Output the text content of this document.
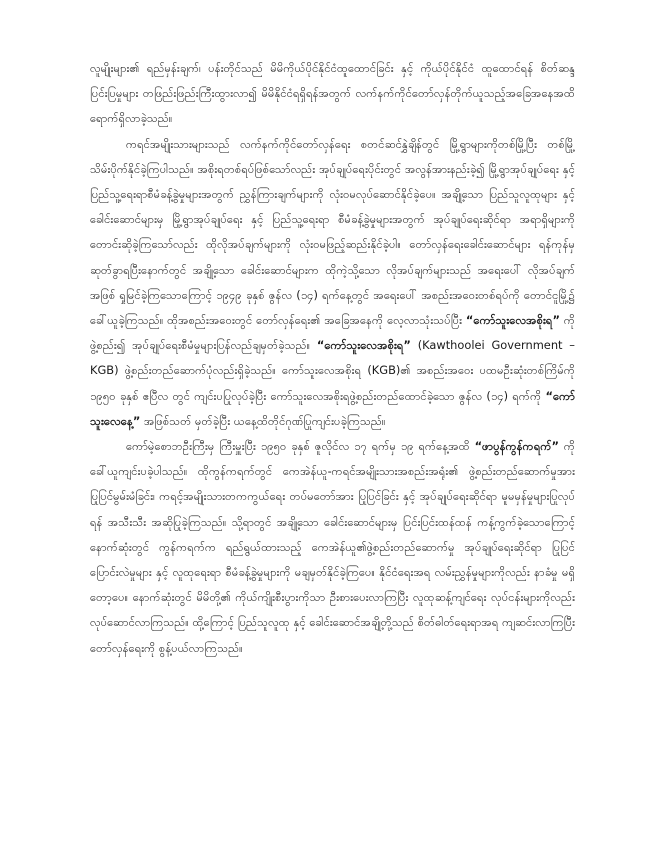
လူမျိုးများ၏ ရည်မှန်းချက်၊ ပန်းတိုင်သည် မိမိကိုယ်ပိုင်နိုင်ငံထူထောင်ခြင်း နှင့် ကိုယ်ပိုင်နိုင်ငံ ထူထောင်ရန် စိတ်ဆန္ဒ ပြင်းပြမှုများ တဖြည်းဖြည်းကြီးထွားလာ၍ မိမိနိုင်ငံရရှိရန်အတွက် လက်နက်ကိုင်တော်လှန်တိုက်ယူသည့်အခြေအနေအထိ ရောက်ရှိလာခဲ့သည်။

ကရင်အမျိုးသားများသည် လက်နက်ကိုင်တော်လှန်ရေး စတင်ဆင်နွှဲချိန်တွင် မြို့ရွာများကိုတစ်မြို့ပြီး တစ်မြို့ သိမ်းပိုက်နိုင်ခဲ့ကြပါသည်။ အစိုးရတစ်ရပ်ဖြစ်သော်လည်း အုပ်ချုပ်ရေးပိုင်းတွင် အလွန်အားနည်းခဲ့၍ မြို့ရွာအုပ်ချုပ်ရေး နှင့် ပြည်သူ့ရေးရာစီမံခန့်ခွဲမှုများအတွက် ညွှန်ကြားချက်များကို လုံးဝမလုပ်ဆောင်နိုင်ခဲ့ပေ။ အချို့သော ပြည်သူလူထုများ နှင့် ခေါင်းဆောင်များမှ မြို့ရွာအုပ်ချုပ်ရေး နှင့် ပြည်သူ့ရေးရာ စီမံခန့်ခွဲမှုများအတွက် အုပ်ချုပ်ရေးဆိုင်ရာ အရာရှိများကို တောင်းဆိုခဲ့ကြသော်လည်း ထိုလိုအပ်ချက်များကို လုံးဝမဖြည့်ဆည်းနိုင်ခဲ့ပါ။ တော်လှန်ရေးခေါင်းဆောင်များ ရန်ကုန်မှ ဆုတ်ခွာရပြီးနောက်တွင် အချို့သော ခေါင်းဆောင်များက ထိုကဲ့သို့သော လိုအပ်ချက်များသည် အရေးပေါ် လိုအပ်ချက်အဖြစ် ရှုမြင်ခဲ့ကြသောကြောင့် ၁၉၄၉ ခုနှစ် ဇွန်လ (၁၄) ရက်နေ့တွင် အရေးပေါ် အစည်းအဝေးတစ်ရပ်ကို တောင်ငူမြို့၌ ခေါ်ယူခဲ့ကြသည်။ ထိုအစည်းအဝေးတွင် တော်လှန်ရေး၏ အခြေအနေကို လေ့လာသုံးသပ်ပြီး “ကော်သူးလေအစိုးရ” ကို ဖွဲ့စည်း၍ အုပ်ချုပ်ရေးစီမံမှုများပြန်လည်ချမှတ်ခဲ့သည်။ “ကော်သူးလေအစိုးရ” (Kawthoolei Government – KGB) ဖွဲ့စည်းတည်ဆောက်ပုံလည်းရှိခဲ့သည်။ ကော်သူးလေအစိုးရ (KGB)၏ အစည်းအဝေး ပထမဦးဆုံးတစ်ကြိမ်ကို ၁၉၅၀ ခုနှစ် ဧပြီလ တွင် ကျင်းပပြုလုပ်ခဲ့ပြီး ကော်သူးလေအစိုးရဖွဲ့စည်းတည်ထောင်ခဲ့သော ဇွန်လ (၁၄) ရက်ကို “ကော်သူးလေနေ့” အဖြစ်သတ် မှတ်ခဲ့ပြီး ယနေ့ထိတိုင်ဂုဏ်ပြုကျင်းပခဲ့ကြသည်။

ကော်မဲ့စောဘဦးကြီးမှ ကြီးမှူးပြီး ၁၉၅၀ ခုနှစ် ဇူလိုင်လ ၁၇ ရက်မှ ၁၉ ရက်နေ့အထိ “ဖာပွန်ကွန်ကရက်” ကို ခေါ်ယူကျင်းပခဲ့ပါသည်။ ထိုကွန်ကရက်တွင် ကေအဲန်ယူ-ကရင်အမျိုးသားအစည်းအရုံး၏ ဖွဲ့စည်းတည်ဆောက်မှုအား ပြုပြင်မွမ်းမံခြင်း၊ ကရင့်အမျိုးသားတကကွယ်ရေး တပ်မတော်အား ပြုပြင်ခြင်း နှင့် အုပ်ချုပ်ရေးဆိုင်ရာ မူမမှန်မှုများပြုလုပ်ရန် အသီးသီး အဆိုပြုခဲ့ကြသည်။ သို့ရာတွင် အချို့သော ခေါင်းဆောင်များမှ ပြင်းပြင်းထန်ထန် ကန့်ကွက်ခဲ့သောကြောင့် နောက်ဆုံးတွင် ကွန်ကရက်က ရည်ရွယ်ထားသည့် ကေအဲန်ယူ၏ဖွဲ့စည်းတည်ဆောက်မှု အုပ်ချုပ်ရေးဆိုင်ရာ ပြုပြင်ပြောင်းလဲမှုများ နှင့် လူထုရေးရာ စီမံခန့်ခွဲမှုများကို မချမှတ်နိုင်ခဲ့ကြပေ။ နိုင်ငံရေးအရ လမ်းညွှန်မှုများကိုလည်း နာခံမှု မရှိတော့ပေ။ နောက်ဆုံးတွင် မိမိတို့၏ ကိုယ်ကျိုးစီးပွားကိုသာ ဦးစားပေးလာကြပြီး လူထုဆန့်ကျင်ရေး လုပ်ငန်းများကိုလည်း လုပ်ဆောင်လာကြသည်။ ထို့ကြောင့် ပြည်သူလူထု နှင့် ခေါင်းဆောင်အချို့တို့သည် စိတ်ဓါတ်ရေးရာအရ ကျဆင်းလာကြပြီး တော်လှန်ရေးကို စွန့်ပယ်လာကြသည်။
